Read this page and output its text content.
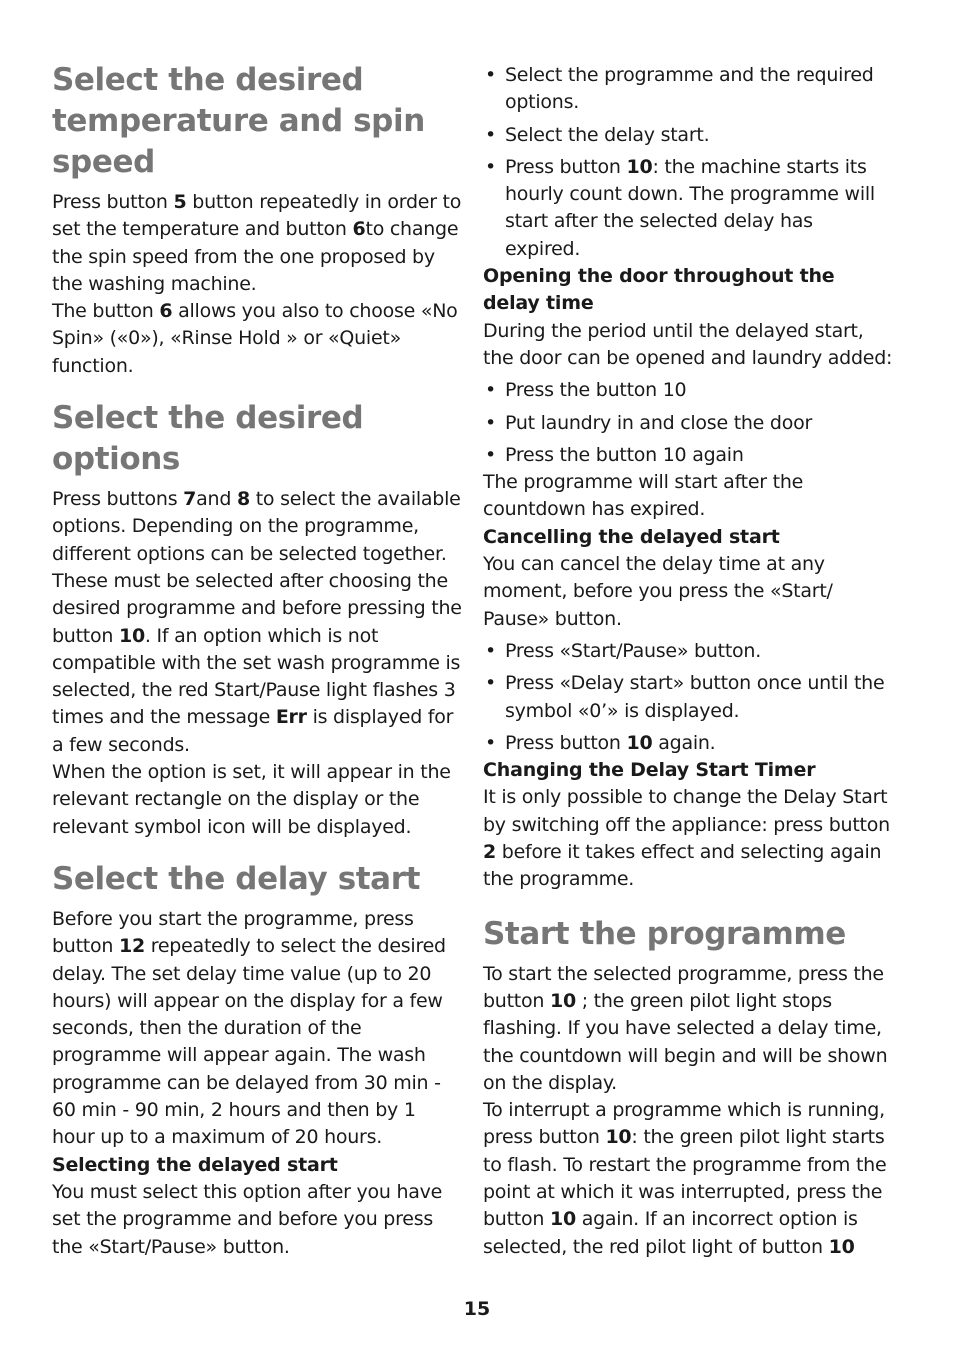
Select the desired temperature and spin speed

Press button 5 button repeatedly in order to set the temperature and button 6to change the spin speed from the one proposed by the washing machine.

The button 6 allows you also to choose «No Spin» («0»), «Rinse Hold » or «Quiet» function.

Select the desired options

Press buttons 7and 8 to select the available options. Depending on the programme, different options can be selected together. These must be selected after choosing the desired programme and before pressing the button 10. If an option which is not compatible with the set wash programme is selected, the red Start/Pause light flashes 3 times and the message Err is displayed for a few seconds.

When the option is set, it will appear in the relevant rectangle on the display or the relevant symbol icon will be displayed.

Select the delay start

Before you start the programme, press button 12 repeatedly to select the desired delay. The set delay time value (up to 20 hours) will appear on the display for a few seconds, then the duration of the programme will appear again. The wash programme can be delayed from 30 min - 60 min - 90 min, 2 hours and then by 1 hour up to a maximum of 20 hours.

Selecting the delayed start

You must select this option after you have set the programme and before you press the «Start/Pause» button.

• Select the programme and the required options.
• Select the delay start.
• Press button 10: the machine starts its hourly count down. The programme will start after the selected delay has expired.
Opening the door throughout the delay time

During the period until the delayed start, the door can be opened and laundry added:

• Press the button 10
• Put laundry in and close the door
• Press the button 10 again

The programme will start after the countdown has expired.

Cancelling the delayed start

You can cancel the delay time at any moment, before you press the «Start/ Pause» button.

• Press «Start/Pause» button.
• Press «Delay start» button once until the symbol «0’» is displayed.
• Press button 10 again.
Changing the Delay Start Timer

It is only possible to change the Delay Start by switching off the appliance: press button 2 before it takes effect and selecting again the programme.

Start the programme

To start the selected programme, press the button 10 ; the green pilot light stops flashing. If you have selected a delay time, the countdown will begin and will be shown on the display.

To interrupt a programme which is running, press button 10: the green pilot light starts to flash. To restart the programme from the point at which it was interrupted, press the button 10 again. If an incorrect option is selected, the red pilot light of button 10

15
